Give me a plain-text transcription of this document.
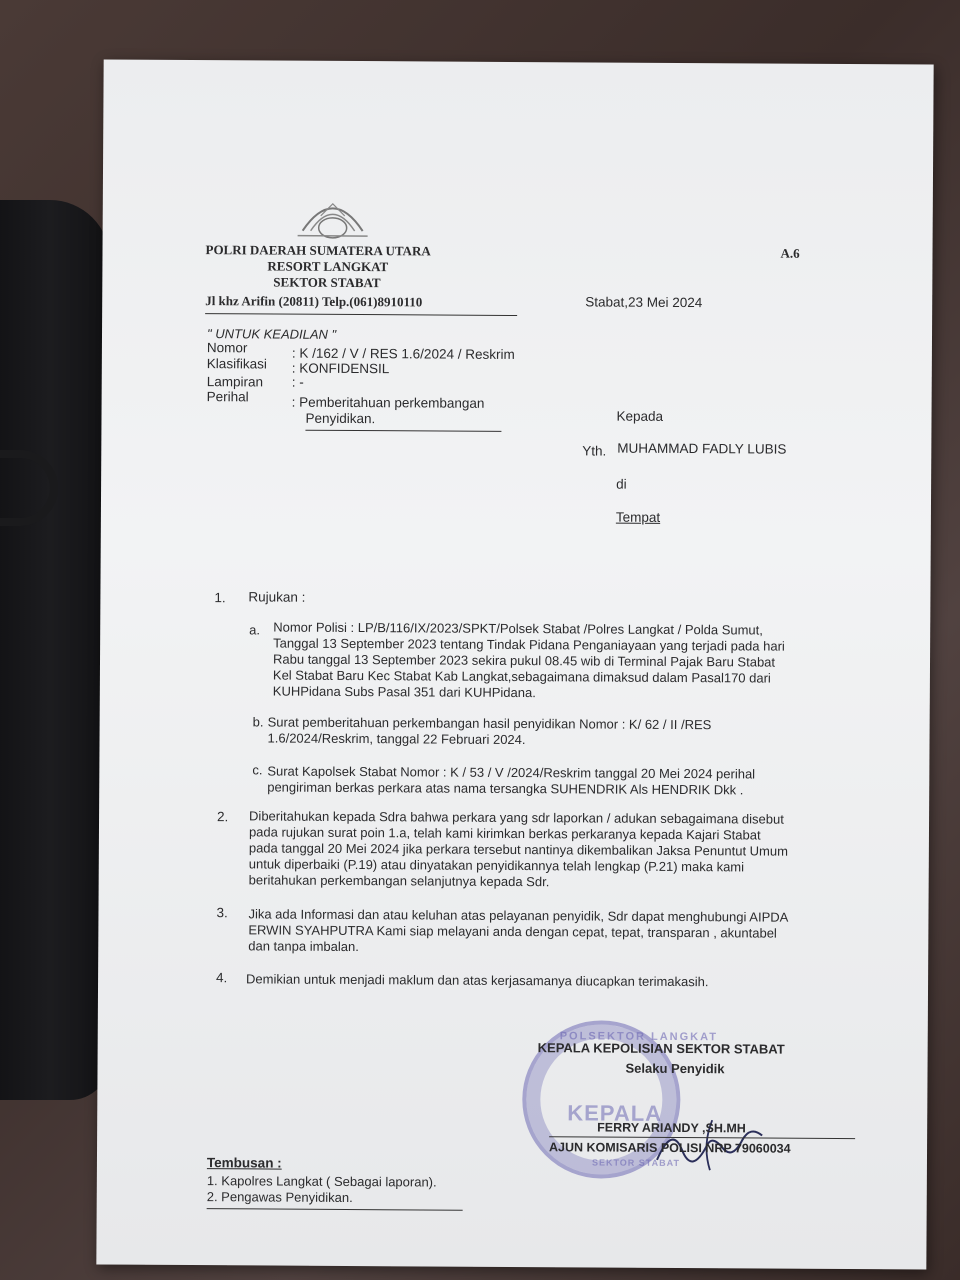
POLRI DAERAH SUMATERA UTARA
RESORT LANGKAT
SEKTOR STABAT
Jl khz Arifin (20811) Telp.(061)8910110
A.6
Stabat,23 Mei 2024
" UNTUK KEADILAN "
Nomor	: K /162 / V / RES 1.6/2024 / Reskrim
Klasifikasi : KONFIDENSIL
Lampiran : -
Perihal	: Pemberitahuan perkembangan
Penyidikan.	Kepada
Yth. MUHAMMAD FADLY LUBIS
di
Tempat
1. Rujukan :
a. Nomor Polisi : LP/B/116/IX/2023/SPKT/Polsek Stabat /Polres Langkat / Polda Sumut,
Tanggal 13 September 2023 tentang Tindak Pidana Penganiayaan yang terjadi pada hari
Rabu tanggal 13 September 2023 sekira pukul 08.45 wib di Terminal Pajak Baru Stabat
Kel Stabat Baru Kec Stabat Kab Langkat,sebagaimana dimaksud dalam Pasal170 dari
KUHPidana Subs Pasal 351 dari KUHPidana.
b. Surat pemberitahuan perkembangan hasil penyidikan Nomor : K/ 62 / II /RES
1.6/2024/Reskrim, tanggal 22 Februari 2024.
c. Surat Kapolsek Stabat Nomor : K / 53 / V /2024/Reskrim tanggal 20 Mei 2024 perihal
pengiriman berkas perkara atas nama tersangka SUHENDRIK Als HENDRIK Dkk .
2. Diberitahukan kepada Sdra bahwa perkara yang sdr laporkan / adukan sebagaimana disebut
pada rujukan surat poin 1.a, telah kami kirimkan berkas perkaranya kepada Kajari Stabat
pada tanggal 20 Mei 2024 jika perkara tersebut nantinya dikembalikan Jaksa Penuntut Umum
untuk diperbaiki (P.19) atau dinyatakan penyidikannya telah lengkap (P.21) maka kami
beritahukan perkembangan selanjutnya kepada Sdr.
3. Jika ada Informasi dan atau keluhan atas pelayanan penyidik, Sdr dapat menghubungi AIPDA
ERWIN SYAHPUTRA Kami siap melayani anda dengan cepat, tepat, transparan , akuntabel
dan tanpa imbalan.
4. Demikian untuk menjadi maklum dan atas kerjasamanya diucapkan terimakasih.
POLSEKTOR LANGKAT
KEPALA
SEKTOR STABAT
KEPALA KEPOLISIAN SEKTOR STABAT
Selaku Penyidik
FERRY ARIANDY ,SH.MH
AJUN KOMISARIS POLISI NRP 79060034
Tembusan :
1. Kapolres Langkat ( Sebagai laporan).
2. Pengawas Penyidikan.
